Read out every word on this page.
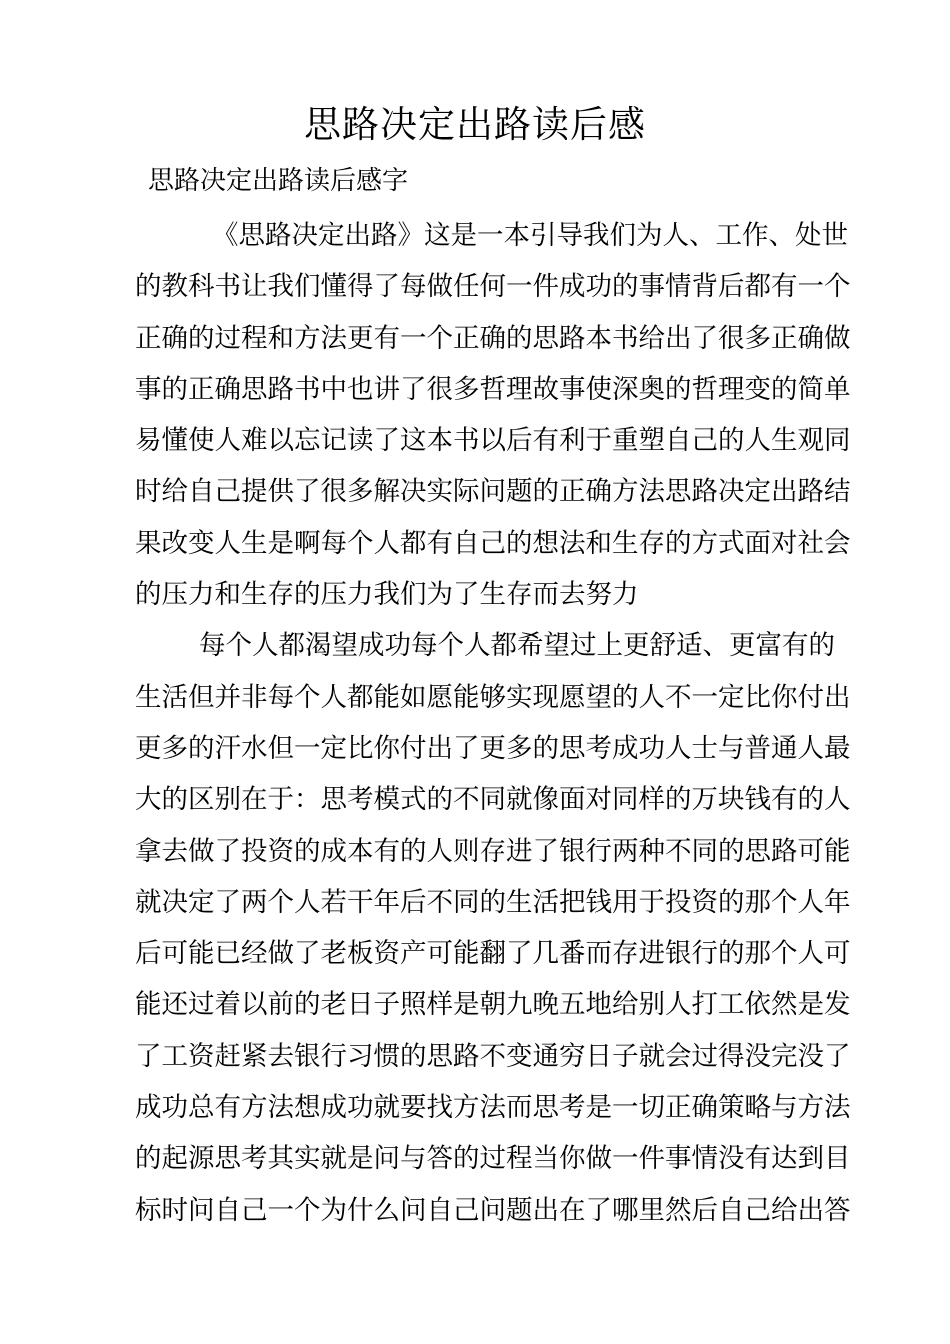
思路决定出路读后感
思路决定出路读后感字
《思路决定出路》这是一本引导我们为人、工作、处世
的教科书让我们懂得了每做任何一件成功的事情背后都有一个
正确的过程和方法更有一个正确的思路本书给出了很多正确做
事的正确思路书中也讲了很多哲理故事使深奥的哲理变的简单
易懂使人难以忘记读了这本书以后有利于重塑自己的人生观同
时给自己提供了很多解决实际问题的正确方法思路决定出路结
果改变人生是啊每个人都有自己的想法和生存的方式面对社会
的压力和生存的压力我们为了生存而去努力
每个人都渴望成功每个人都希望过上更舒适、更富有的
生活但并非每个人都能如愿能够实现愿望的人不一定比你付出
更多的汗水但一定比你付出了更多的思考成功人士与普通人最
大的区别在于：思考模式的不同就像面对同样的万块钱有的人
拿去做了投资的成本有的人则存进了银行两种不同的思路可能
就决定了两个人若干年后不同的生活把钱用于投资的那个人年
后可能已经做了老板资产可能翻了几番而存进银行的那个人可
能还过着以前的老日子照样是朝九晚五地给别人打工依然是发
了工资赶紧去银行习惯的思路不变通穷日子就会过得没完没了
成功总有方法想成功就要找方法而思考是一切正确策略与方法
的起源思考其实就是问与答的过程当你做一件事情没有达到目
标时问自己一个为什么问自己问题出在了哪里然后自己给出答
